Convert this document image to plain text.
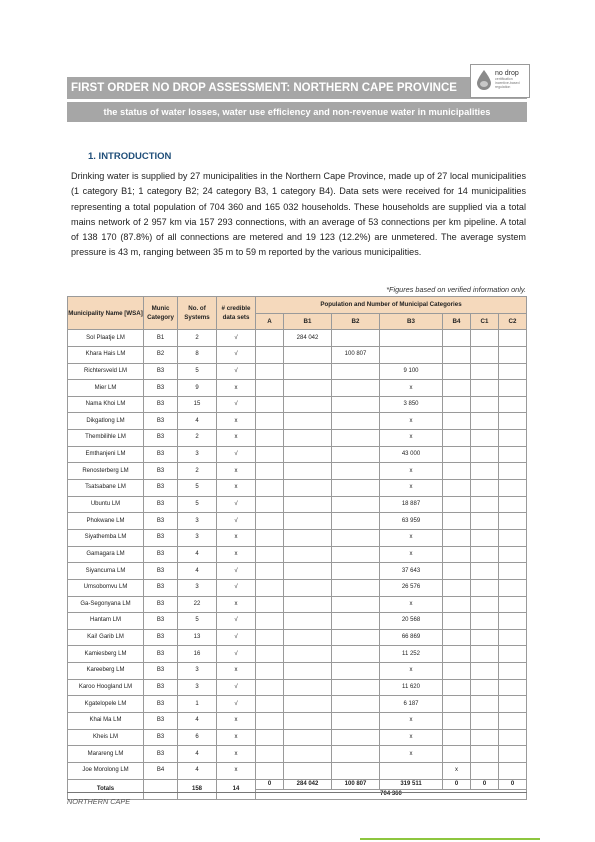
FIRST ORDER NO DROP ASSESSMENT: NORTHERN CAPE PROVINCE
no drop
certification incentive-based regulation
the status of water losses, water use efficiency and non-revenue water in municipalities
1. INTRODUCTION
Drinking water is supplied by 27 municipalities in the Northern Cape Province, made up of 27 local municipalities (1 category B1; 1 category B2; 24 category B3, 1 category B4). Data sets were received for 14 municipalities representing a total population of 704 360 and 165 032 households. These households are supplied via a total mains network of 2 957 km via 157 293 connections, with an average of 53 connections per km pipeline. A total of 138 170 (87.8%) of all connections are metered and 19 123 (12.2%) are unmetered. The average system pressure is 43 m, ranging between 35 m to 59 m reported by the various municipalities.
*Figures based on verified information only.
Municipality Name [WSA]	Munic Category	No. of Systems	# credible data sets	Population and Number of Municipal Categories						
				A	B1	B2	B3	B4	C1	C2
Sol Plaatje LM	B1	2	√		284 042					
Khara Hais LM	B2	8	√			100 807				
Richtersveld LM	B3	5	√				9 100			
Mier LM	B3	9	x				x			
Nama Khoi LM	B3	15	√				3 850			
Dikgatlong LM	B3	4	x				x			
Thembilihle LM	B3	2	x				x			
Emthanjeni LM	B3	3	√				43 000			
Renosterberg LM	B3	2	x				x			
Tsatsabane LM	B3	5	x				x			
Ubuntu LM	B3	5	√				18 887			
Phokwane LM	B3	3	√				63 959			
Siyathemba LM	B3	3	x				x			
Gamagara LM	B3	4	x				x			
Siyancuma LM	B3	4	√				37 643			
Umsobomvu LM	B3	3	√				26 576			
Ga-Segonyana LM	B3	22	x				x			
Hantam LM	B3	5	√				20 568			
Kai! Garib LM	B3	13	√				66 869			
Kamiesberg LM	B3	16	√				11 252			
Kareeberg LM	B3	3	x				x			
Karoo Hoogland LM	B3	3	√				11 620			
Kgatelopele LM	B3	1	√				6 187			
Khai Ma LM	B3	4	x				x			
Kheis LM	B3	6	x				x			
Marareng LM	B3	4	x				x			
Joe Morolong LM	B4	4	x					x		
Totals		158	14	0	284 042	100 807	319 511	0	0	0
				704 360						
NORTHERN CAPE
